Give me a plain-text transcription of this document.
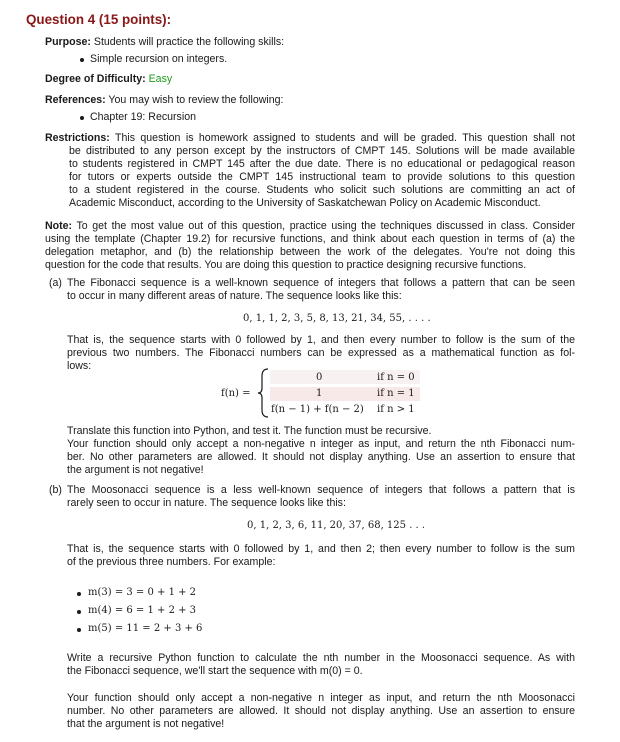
Question 4 (15 points):
Purpose: Students will practice the following skills:
Simple recursion on integers.
Degree of Difficulty: Easy
References: You may wish to review the following:
Chapter 19: Recursion
Restrictions: This question is homework assigned to students and will be graded. This question shall not
be distributed to any person except by the instructors of CMPT 145. Solutions will be made available
to students registered in CMPT 145 after the due date. There is no educational or pedagogical reason
for tutors or experts outside the CMPT 145 instructional team to provide solutions to this question
to a student registered in the course. Students who solicit such solutions are committing an act of
Academic Misconduct, according to the University of Saskatchewan Policy on Academic Misconduct.
Note: To get the most value out of this question, practice using the techniques discussed in class. Consider
using the template (Chapter 19.2) for recursive functions, and think about each question in terms of (a) the
delegation metaphor, and (b) the relationship between the work of the delegates. You're not doing this
question for the code that results. You are doing this question to practice designing recursive functions.
(a) The Fibonacci sequence is a well-known sequence of integers that follows a pattern that can be seen
to occur in many different areas of nature. The sequence looks like this:
0, 1, 1, 2, 3, 5, 8, 13, 21, 34, 55, . . . .
That is, the sequence starts with 0 followed by 1, and then every number to follow is the sum of the
previous two numbers. The Fibonacci numbers can be expressed as a mathematical function as fol-
lows:
f(n) =
0	if n = 0
1	if n = 1
f(n − 1) + f(n − 2) if n > 1
Translate this function into Python, and test it. The function must be recursive.
Your function should only accept a non-negative n integer as input, and return the nth Fibonacci num-
ber. No other parameters are allowed. It should not display anything. Use an assertion to ensure that
the argument is not negative!
(b) The Moosonacci sequence is a less well-known sequence of integers that follows a pattern that is
rarely seen to occur in nature. The sequence looks like this:
0, 1, 2, 3, 6, 11, 20, 37, 68, 125 . . .
That is, the sequence starts with 0 followed by 1, and then 2; then every number to follow is the sum
of the previous three numbers. For example:
m(3) = 3 = 0 + 1 + 2
m(4) = 6 = 1 + 2 + 3
m(5) = 11 = 2 + 3 + 6
Write a recursive Python function to calculate the nth number in the Moosonacci sequence. As with
the Fibonacci sequence, we'll start the sequence with m(0) = 0.
Your function should only accept a non-negative n integer as input, and return the nth Moosonacci
number. No other parameters are allowed. It should not display anything. Use an assertion to ensure
that the argument is not negative!
